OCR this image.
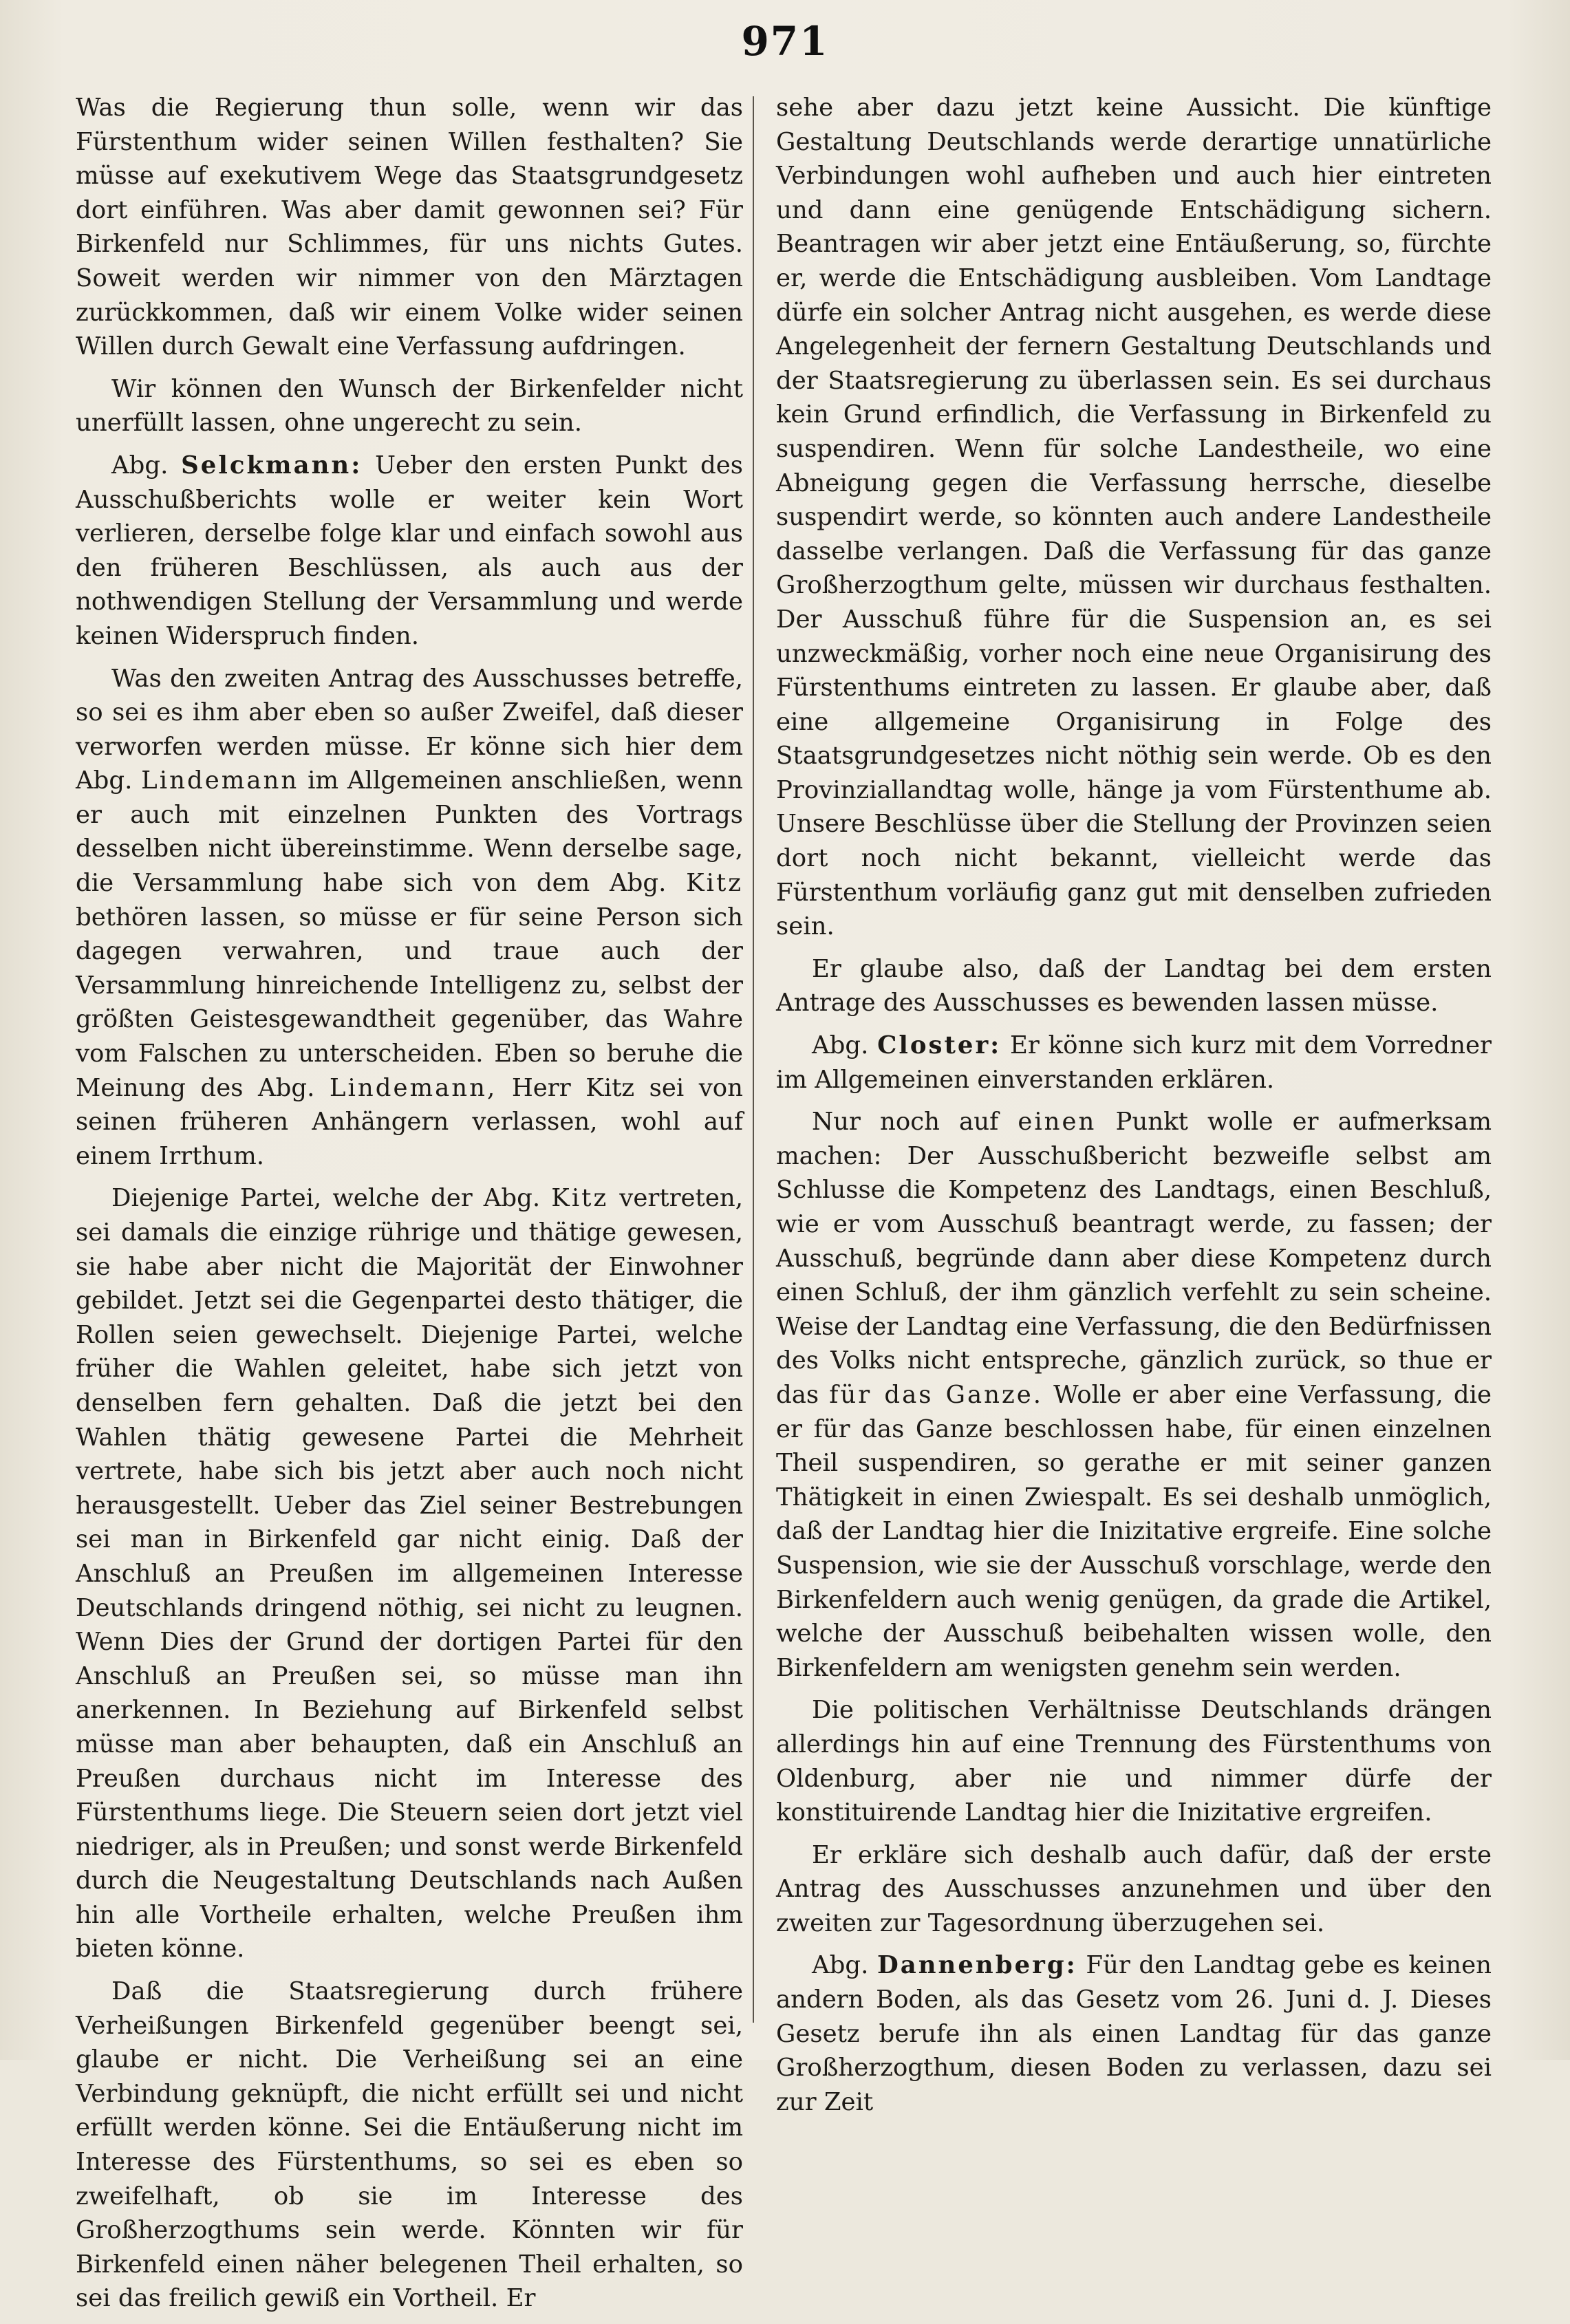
971

Was die Regierung thun solle, wenn wir das Fürstenthum wider seinen Willen festhalten? Sie müsse auf exekutivem Wege das Staatsgrundgesetz dort einführen. Was aber damit gewonnen sei? Für Birkenfeld nur Schlimmes, für uns nichts Gutes. Soweit werden wir nimmer von den Märztagen zurückkommen, daß wir einem Volke wider seinen Willen durch Gewalt eine Verfassung aufdringen.

Wir können den Wunsch der Birkenfelder nicht unerfüllt lassen, ohne ungerecht zu sein.

Abg. Selckmann: Ueber den ersten Punkt des Ausschußberichts wolle er weiter kein Wort verlieren, derselbe folge klar und einfach sowohl aus den früheren Beschlüssen, als auch aus der nothwendigen Stellung der Versammlung und werde keinen Widerspruch finden.

Was den zweiten Antrag des Ausschusses betreffe, so sei es ihm aber eben so außer Zweifel, daß dieser verworfen werden müsse. Er könne sich hier dem Abg. Lindemann im Allgemeinen anschließen, wenn er auch mit einzelnen Punkten des Vortrags desselben nicht übereinstimme. Wenn derselbe sage, die Versammlung habe sich von dem Abg. Kitz bethören lassen, so müsse er für seine Person sich dagegen verwahren, und traue auch der Versammlung hinreichende Intelligenz zu, selbst der größten Geistesgewandtheit gegenüber, das Wahre vom Falschen zu unterscheiden. Eben so beruhe die Meinung des Abg. Lindemann, Herr Kitz sei von seinen früheren Anhängern verlassen, wohl auf einem Irrthum.

Diejenige Partei, welche der Abg. Kitz vertreten, sei damals die einzige rührige und thätige gewesen, sie habe aber nicht die Majorität der Einwohner gebildet. Jetzt sei die Gegenpartei desto thätiger, die Rollen seien gewechselt. Diejenige Partei, welche früher die Wahlen geleitet, habe sich jetzt von denselben fern gehalten. Daß die jetzt bei den Wahlen thätig gewesene Partei die Mehrheit vertrete, habe sich bis jetzt aber auch noch nicht herausgestellt. Ueber das Ziel seiner Bestrebungen sei man in Birkenfeld gar nicht einig. Daß der Anschluß an Preußen im allgemeinen Interesse Deutschlands dringend nöthig, sei nicht zu leugnen. Wenn Dies der Grund der dortigen Partei für den Anschluß an Preußen sei, so müsse man ihn anerkennen. In Beziehung auf Birkenfeld selbst müsse man aber behaupten, daß ein Anschluß an Preußen durchaus nicht im Interesse des Fürstenthums liege. Die Steuern seien dort jetzt viel niedriger, als in Preußen; und sonst werde Birkenfeld durch die Neugestaltung Deutschlands nach Außen hin alle Vortheile erhalten, welche Preußen ihm bieten könne.

Daß die Staatsregierung durch frühere Verheißungen Birkenfeld gegenüber beengt sei, glaube er nicht. Die Verheißung sei an eine Verbindung geknüpft, die nicht erfüllt sei und nicht erfüllt werden könne. Sei die Entäußerung nicht im Interesse des Fürstenthums, so sei es eben so zweifelhaft, ob sie im Interesse des Großherzogthums sein werde. Könnten wir für Birkenfeld einen näher belegenen Theil erhalten, so sei das freilich gewiß ein Vortheil. Er

sehe aber dazu jetzt keine Aussicht. Die künftige Gestaltung Deutschlands werde derartige unnatürliche Verbindungen wohl aufheben und auch hier eintreten und dann eine genügende Entschädigung sichern. Beantragen wir aber jetzt eine Entäußerung, so, fürchte er, werde die Entschädigung ausbleiben. Vom Landtage dürfe ein solcher Antrag nicht ausgehen, es werde diese Angelegenheit der fernern Gestaltung Deutschlands und der Staatsregierung zu überlassen sein. Es sei durchaus kein Grund erfindlich, die Verfassung in Birkenfeld zu suspendiren. Wenn für solche Landestheile, wo eine Abneigung gegen die Verfassung herrsche, dieselbe suspendirt werde, so könnten auch andere Landestheile dasselbe verlangen. Daß die Verfassung für das ganze Großherzogthum gelte, müssen wir durchaus festhalten. Der Ausschuß führe für die Suspension an, es sei unzweckmäßig, vorher noch eine neue Organisirung des Fürstenthums eintreten zu lassen. Er glaube aber, daß eine allgemeine Organisirung in Folge des Staatsgrundgesetzes nicht nöthig sein werde. Ob es den Provinziallandtag wolle, hänge ja vom Fürstenthume ab. Unsere Beschlüsse über die Stellung der Provinzen seien dort noch nicht bekannt, vielleicht werde das Fürstenthum vorläufig ganz gut mit denselben zufrieden sein.

Er glaube also, daß der Landtag bei dem ersten Antrage des Ausschusses es bewenden lassen müsse.

Abg. Closter: Er könne sich kurz mit dem Vorredner im Allgemeinen einverstanden erklären.

Nur noch auf einen Punkt wolle er aufmerksam machen: Der Ausschußbericht bezweifle selbst am Schlusse die Kompetenz des Landtags, einen Beschluß, wie er vom Ausschuß beantragt werde, zu fassen; der Ausschuß, begründe dann aber diese Kompetenz durch einen Schluß, der ihm gänzlich verfehlt zu sein scheine. Weise der Landtag eine Verfassung, die den Bedürfnissen des Volks nicht entspreche, gänzlich zurück, so thue er das für das Ganze. Wolle er aber eine Verfassung, die er für das Ganze beschlossen habe, für einen einzelnen Theil suspendiren, so gerathe er mit seiner ganzen Thätigkeit in einen Zwiespalt. Es sei deshalb unmöglich, daß der Landtag hier die Inizitative ergreife. Eine solche Suspension, wie sie der Ausschuß vorschlage, werde den Birkenfeldern auch wenig genügen, da grade die Artikel, welche der Ausschuß beibehalten wissen wolle, den Birkenfeldern am wenigsten genehm sein werden.

Die politischen Verhältnisse Deutschlands drängen allerdings hin auf eine Trennung des Fürstenthums von Oldenburg, aber nie und nimmer dürfe der konstituirende Landtag hier die Inizitative ergreifen.

Er erkläre sich deshalb auch dafür, daß der erste Antrag des Ausschusses anzunehmen und über den zweiten zur Tagesordnung überzugehen sei.

Abg. Dannenberg: Für den Landtag gebe es keinen andern Boden, als das Gesetz vom 26. Juni d. J. Dieses Gesetz berufe ihn als einen Landtag für das ganze Großherzogthum, diesen Boden zu verlassen, dazu sei zur Zeit
